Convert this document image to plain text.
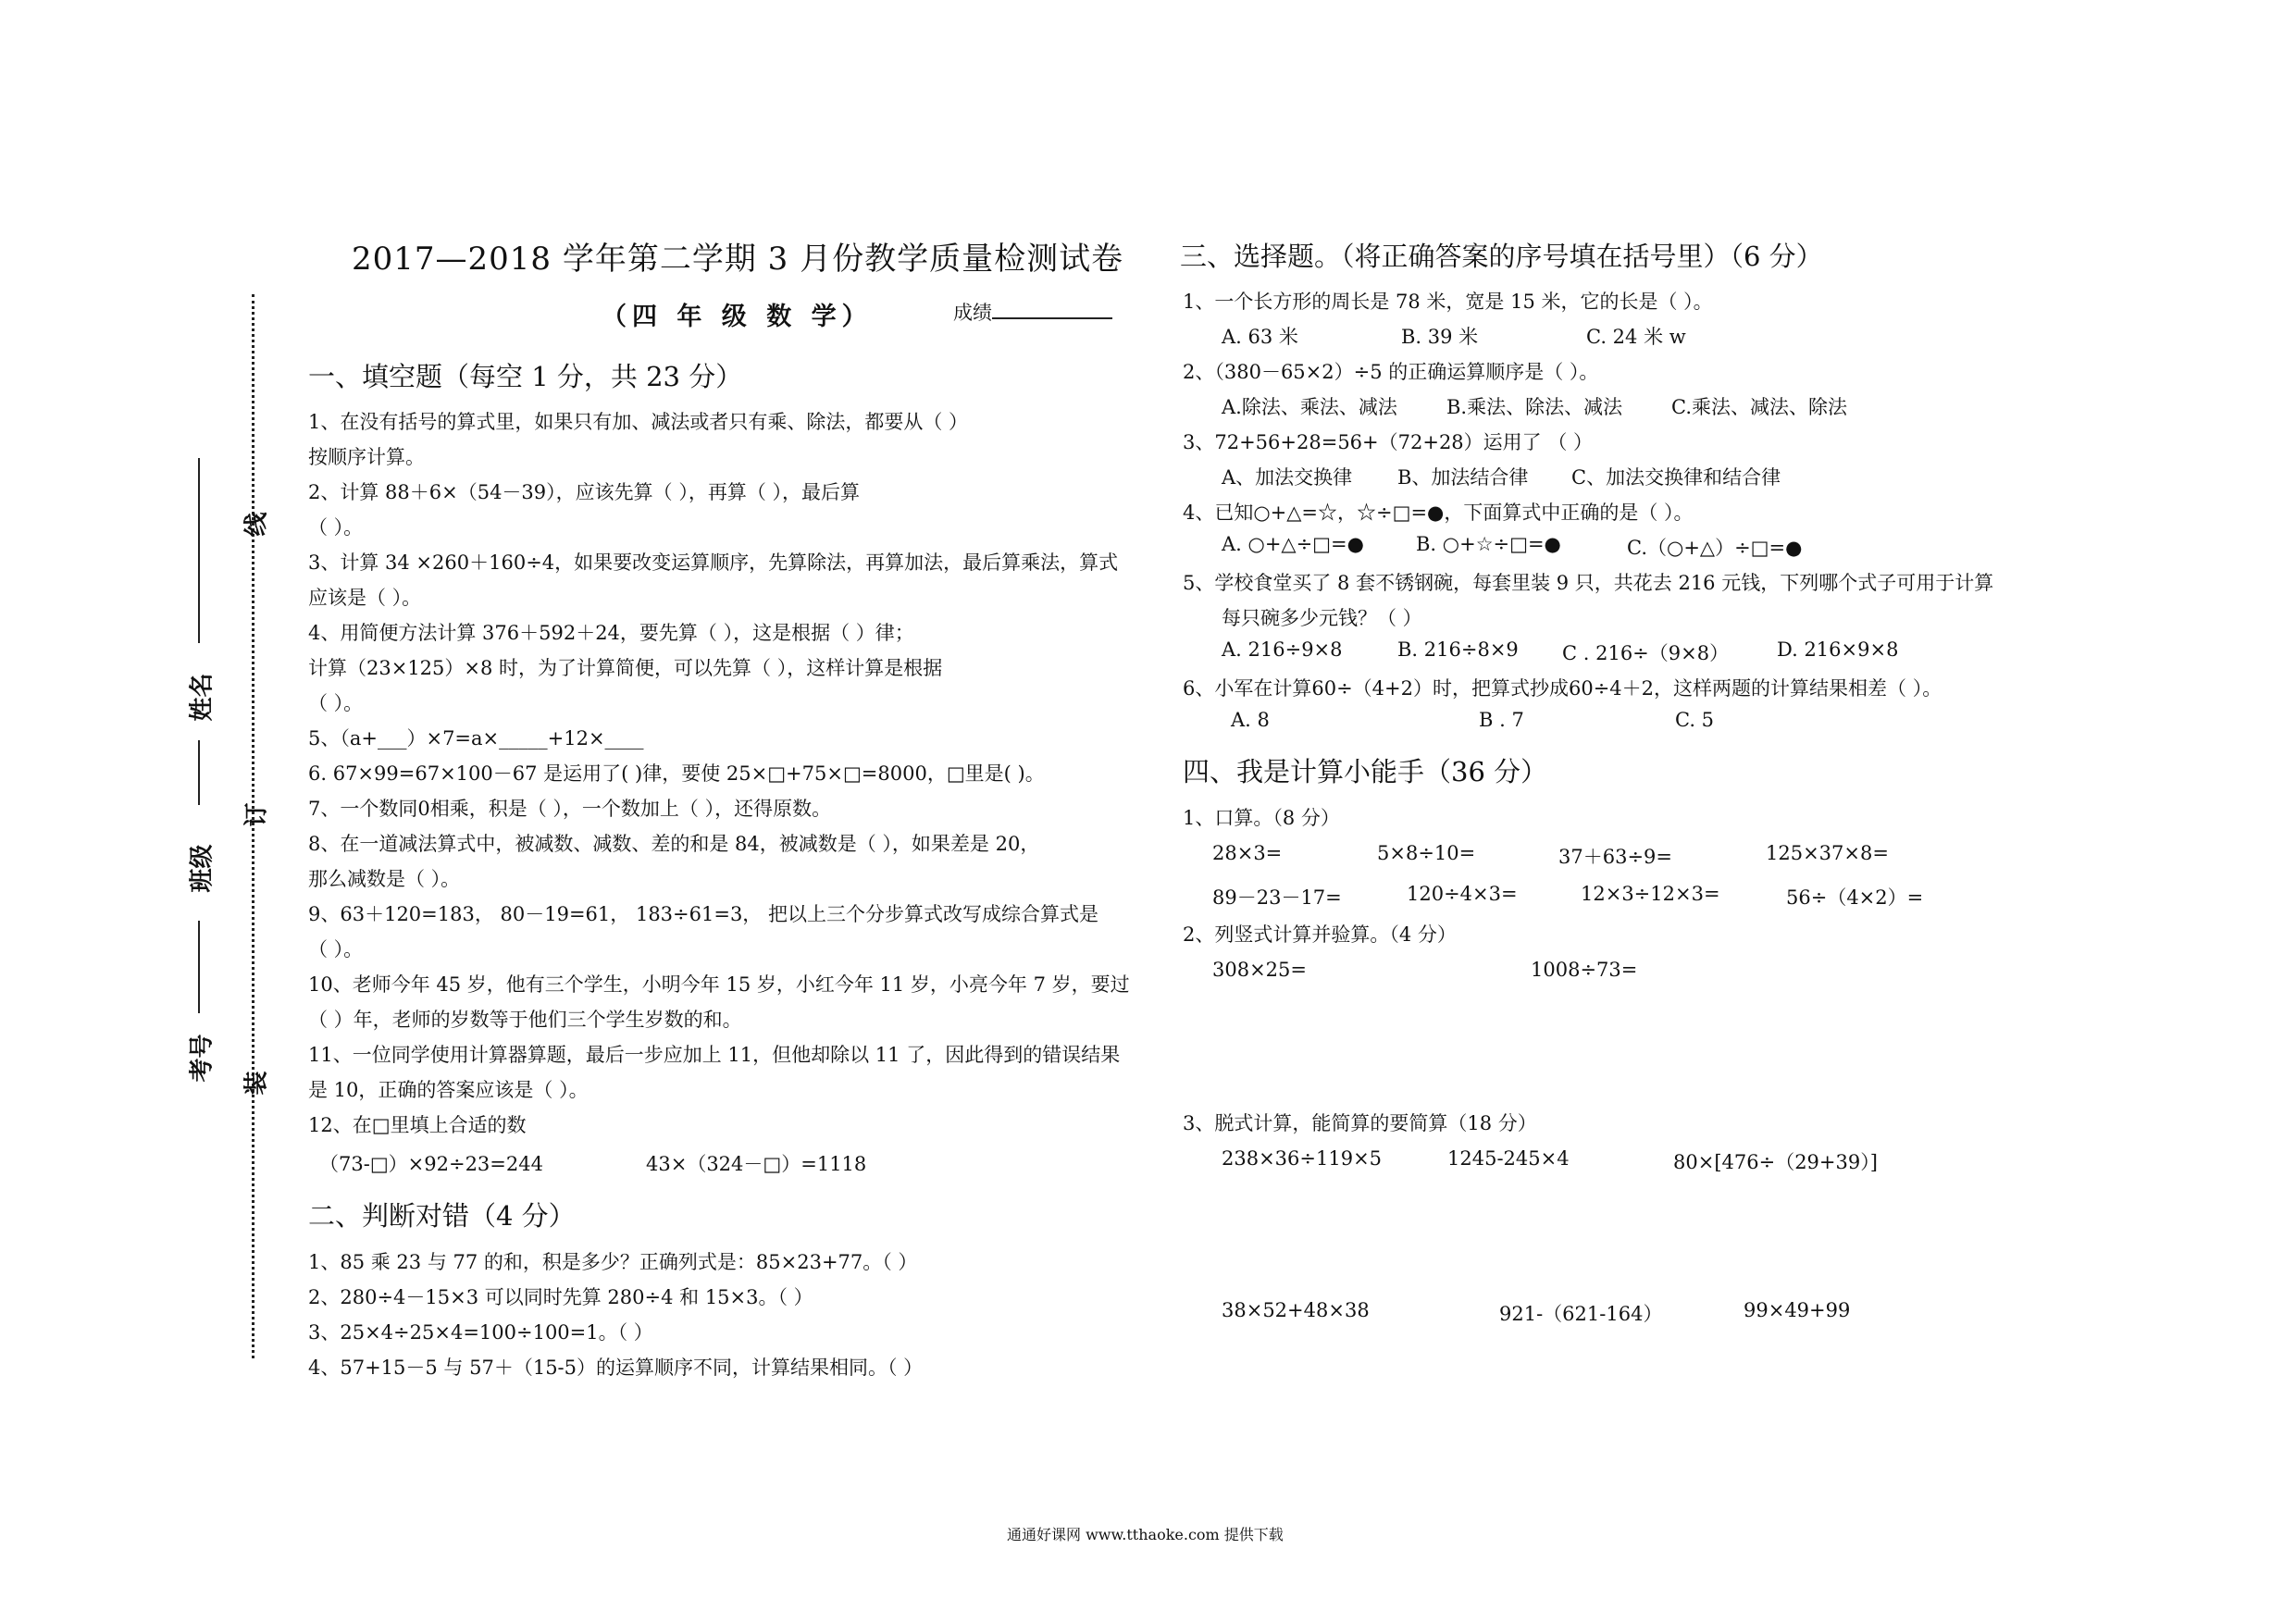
线
订
装
姓名
班级
考号
2017—2018 学年第二学期 3 月份教学质量检测试卷
（四 年 级 数 学）	成绩
一、填空题（每空 1 分，共 23 分）
1、在没有括号的算式里，如果只有加、减法或者只有乘、除法，都要从（ ）
按顺序计算。
2、计算 88＋6×（54－39），应该先算（ ），再算（ ），最后算
（ ）。
3、计算 34 ×260＋160÷4，如果要改变运算顺序，先算除法，再算加法，最后算乘法，算式
应该是（ ）。
4、用简便方法计算 376＋592＋24，要先算（ ），这是根据（ ）律；
计算（23×125）×8 时，为了计算简便，可以先算（ ），这样计算是根据
（ ）。
5、（a+___）×7=a×_____+12×____
6. 67×99=67×100－67 是运用了( )律，要使 25×□+75×□=8000，□里是( )。
7、一个数同0相乘，积是（ ），一个数加上（ ），还得原数。
8、在一道减法算式中，被减数、减数、差的和是 84，被减数是（ ），如果差是 20，
那么减数是（ ）。
9、63＋120=183， 80－19=61， 183÷61=3， 把以上三个分步算式改写成综合算式是
（ ）。
10、老师今年 45 岁，他有三个学生，小明今年 15 岁，小红今年 11 岁，小亮今年 7 岁，要过
（ ）年，老师的岁数等于他们三个学生岁数的和。
11、一位同学使用计算器算题，最后一步应加上 11，但他却除以 11 了，因此得到的错误结果
是 10，正确的答案应该是（ ）。
12、在□里填上合适的数
（73-□）×92÷23=244	43×（324－□）=1118
二、判断对错（4 分）
1、85 乘 23 与 77 的和，积是多少？正确列式是：85×23+77。（ ）
2、280÷4－15×3 可以同时先算 280÷4 和 15×3。（ ）
3、25×4÷25×4=100÷100=1。（ ）
4、57+15－5 与 57＋（15-5）的运算顺序不同，计算结果相同。（ ）
三、选择题。（将正确答案的序号填在括号里）（6 分）
1、一个长方形的周长是 78 米，宽是 15 米，它的长是（ ）。
A. 63 米	B. 39 米	C. 24 米 w
2、（380－65×2）÷5 的正确运算顺序是（ ）。
A.除法、乘法、减法	B.乘法、除法、减法	C.乘法、减法、除法
3、72+56+28=56+（72+28）运用了 （ ）
A、加法交换律 B、加法结合律 C、加法交换律和结合律
4、已知○+△=☆，☆÷□=●，下面算式中正确的是（ ）。
A. ○+△÷□=●	B. ○+☆÷□=●	C.（○+△）÷□=●
5、学校食堂买了 8 套不锈钢碗，每套里装 9 只，共花去 216 元钱，下列哪个式子可用于计算
每只碗多少元钱？（ ）
A. 216÷9×8	B. 216÷8×9 C . 216÷（9×8） D. 216×9×8
6、小军在计算60÷（4+2）时，把算式抄成60÷4＋2，这样两题的计算结果相差（ ）。
A. 8	B . 7	C. 5
四、我是计算小能手（36 分）
1、口算。（8 分）
28×3=	5×8÷10=	37＋63÷9=	125×37×8=
89－23－17=	120÷4×3=	12×3÷12×3=	56÷（4×2）=
2、列竖式计算并验算。（4 分）
308×25=	1008÷73=
3、脱式计算，能简算的要简算（18 分）
238×36÷119×5	1245-245×4	80×[476÷（29+39）]
38×52+48×38	921-（621-164）	99×49+99
通通好课网 www.tthaoke.com 提供下载
